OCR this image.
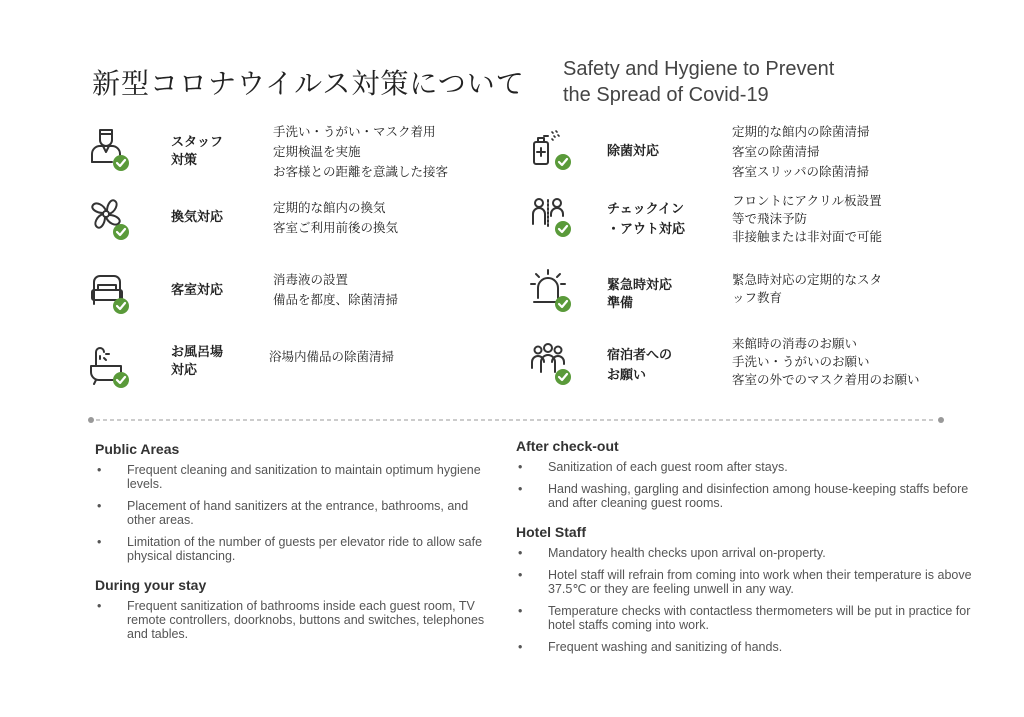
新型コロナウイルス対策について Safety and Hygiene to Prevent
the Spread of Covid-19
スタッフ
対策
手洗い・うがい・マスク着用
定期検温を実施
お客様との距離を意識した接客
換気対応
定期的な館内の換気
客室ご利用前後の換気
客室対応
消毒液の設置
備品を都度、除菌清掃
お風呂場
対応
浴場内備品の除菌清掃
除菌対応
定期的な館内の除菌清掃
客室の除菌清掃
客室スリッパの除菌清掃
チェックイン
・アウト対応
フロントにアクリル板設置
等で飛沫予防
非接触または非対面で可能
緊急時対応
準備
緊急時対応の定期的なスタ
ッフ教育
宿泊者への
お願い
来館時の消毒のお願い
手洗い・うがいのお願い
客室の外でのマスク着用のお願い
Public Areas
• Frequent cleaning and sanitization to maintain optimum hygiene levels.
• Placement of hand sanitizers at the entrance, bathrooms, and other areas.
• Limitation of the number of guests per elevator ride to allow safe physical distancing.
During your stay
• Frequent sanitization of bathrooms inside each guest room, TV remote controllers, doorknobs, buttons and switches, telephones and tables.
After check-out
• Sanitization of each guest room after stays.
• Hand washing, gargling and disinfection among house-keeping staffs before and after cleaning guest rooms.
Hotel Staff
• Mandatory health checks upon arrival on-property.
• Hotel staff will refrain from coming into work when their temperature is above 37.5℃ or they are feeling unwell in any way.
• Temperature checks with contactless thermometers will be put in practice for hotel staffs coming into work.
• Frequent washing and sanitizing of hands.
